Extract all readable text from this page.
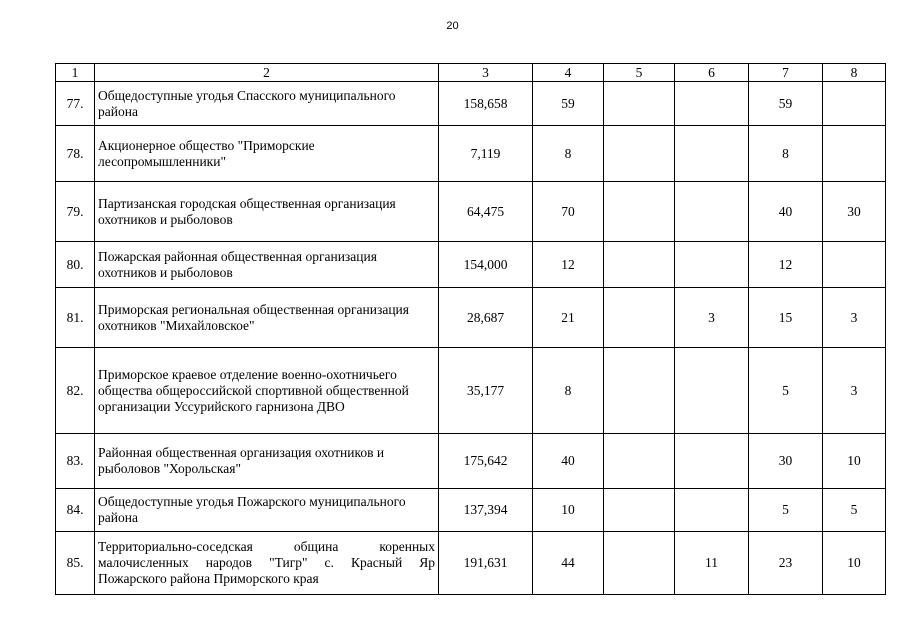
20
1	2	3	4	5	6	7	8
77.	Общедоступные угодья Спасского муниципального района	158,658	59			59	
78.	Акционерное общество "Приморские лесопромышленники"	7,119	8			8	
79.	Партизанская городская общественная организация охотников и рыболовов	64,475	70			40	30
80.	Пожарская районная общественная организация охотников и рыболовов	154,000	12			12	
81.	Приморская региональная общественная организация охотников "Михайловское"	28,687	21		3	15	3
82.	Приморское краевое отделение военно-охотничьего общества общероссийской спортивной общественной организации Уссурийского гарнизона ДВО	35,177	8			5	3
83.	Районная общественная организация охотников и рыболовов "Хорольская"	175,642	40			30	10
84.	Общедоступные угодья Пожарского муниципального района	137,394	10			5	5
85.	Территориально-соседская община коренных малочисленных народов "Тигр" с. Красный Яр Пожарского района Приморского края	191,631	44		11	23	10
